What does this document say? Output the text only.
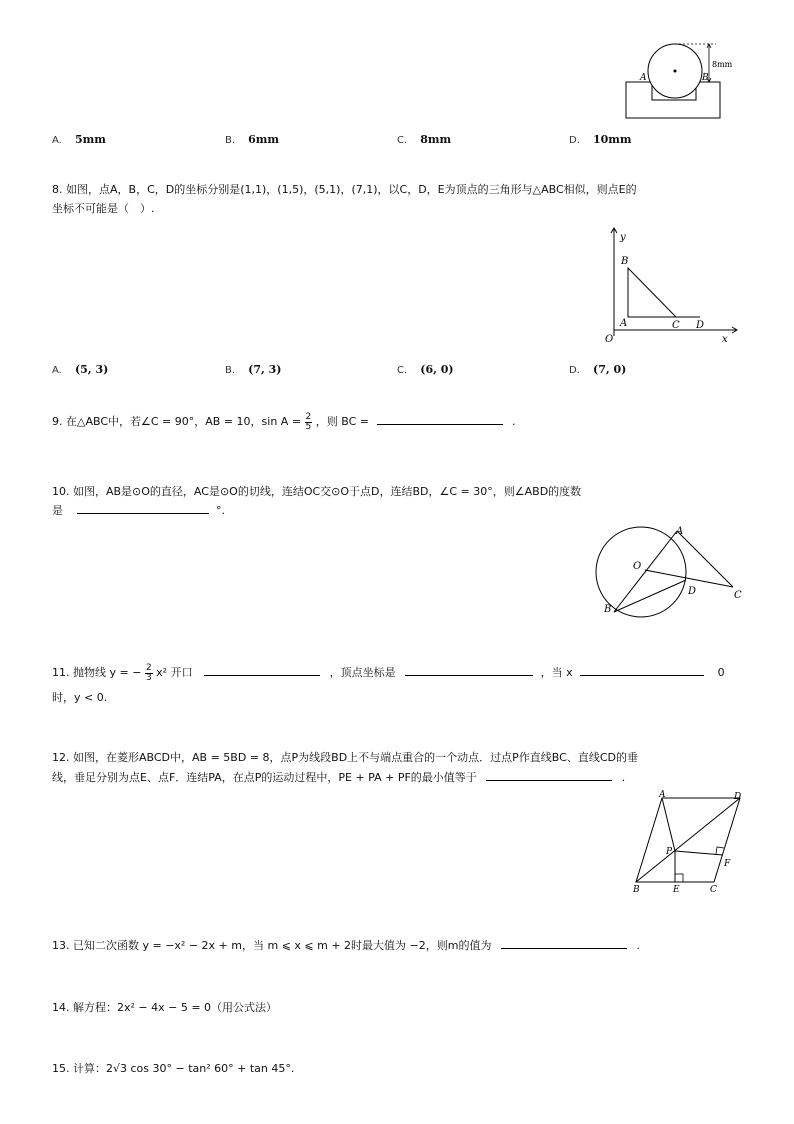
8mm
A	B
A. 5mm	B. 6mm	C. 8mm	D. 10mm
8. 如图，点A，B，C，D的坐标分别是(1,1)，(1,5)，(5,1)，(7,1)，以C，D，E为顶点的三角形与△ABC相似，则点E的
坐标不可能是（　）.
y
x
O
A
B
C D
A. (5, 3)	B. (7, 3)	C. (6, 0)	D. (7, 0)
9. 在△ABC中，若∠C = 90°，AB = 10，$\sin A = \frac{2}{5}$ ，则 BC =	.
10. 如图，AB是⊙O的直径，AC是⊙O的切线，连结OC交⊙O于点D，连结BD，∠C = 30°，则∠ABD的度数
是	°.
A
O
D	C
B
11. 抛物线 y = − $\frac{2}{3} x^2$ 开口	，顶点坐标是	，当 x	0
时，y < 0.
12. 如图，在菱形ABCD中，AB = 5BD = 8，点P为线段BD上不与端点重合的一个动点．过点P作直线BC、直线CD的垂
线，垂足分别为点E、点F．连结PA，在点P的运动过程中，PE + PA + PF的最小值等于	.
A	D
P
F
B	E	C
13. 已知二次函数 y = −x² − 2x + m，当 m ⩽ x ⩽ m + 2时最大值为 −2，则m的值为	.
14. 解方程：2x² − 4x − 5 = 0（用公式法）
15. 计算：2√3 cos 30° − tan² 60° + tan 45°.
